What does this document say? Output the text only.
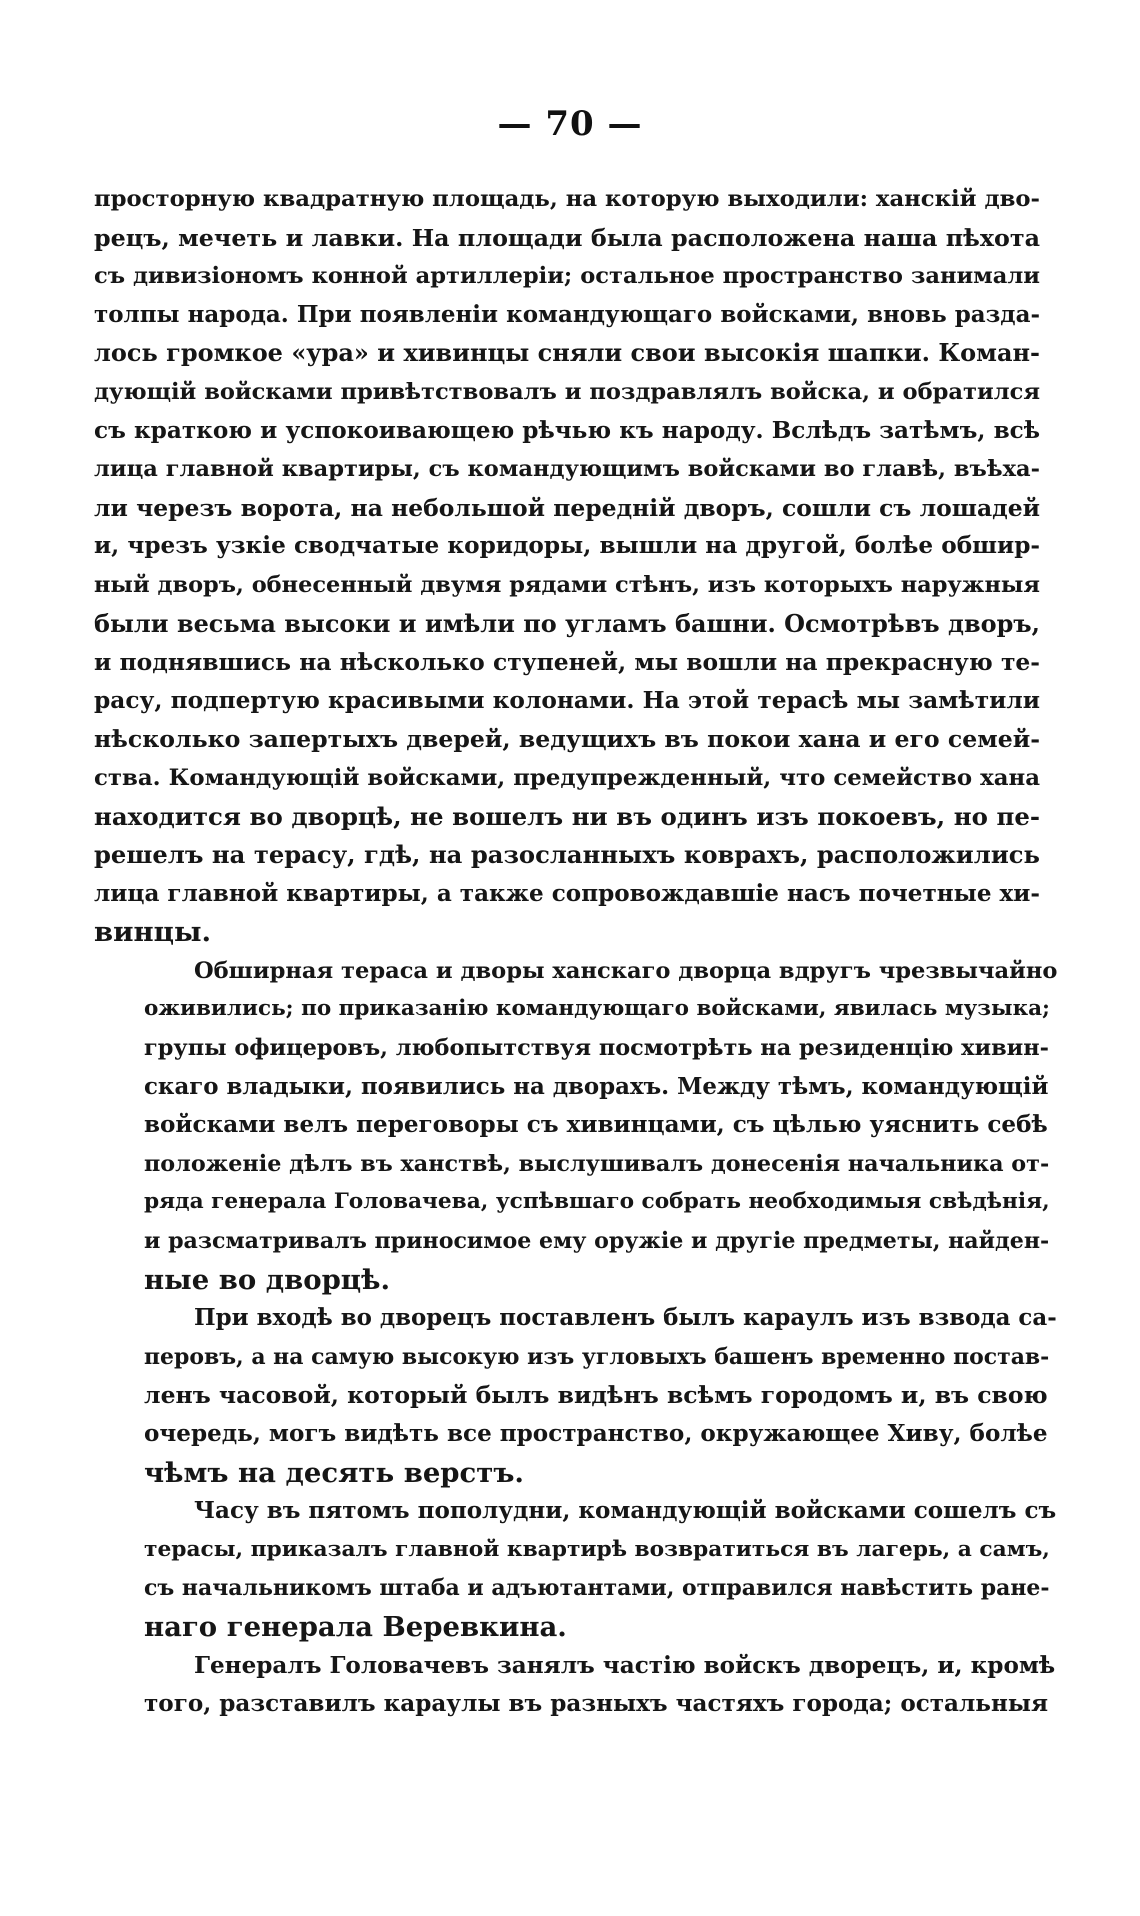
— 70 —
просторную квадратную площадь, на которую выходили: ханскій дво-
рецъ, мечеть и лавки. На площади была расположена наша пѣхота
съ дивизіономъ конной артиллеріи; остальное пространство занимали
толпы народа. При появленіи командующаго войсками, вновь разда-
лось громкое «ура» и хивинцы сняли свои высокія шапки. Коман-
дующій войсками привѣтствовалъ и поздравлялъ войска, и обратился
съ краткою и успокоивающею рѣчью къ народу. Вслѣдъ затѣмъ, всѣ
лица главной квартиры, съ командующимъ войсками во главѣ, въѣха-
ли черезъ ворота, на небольшой передній дворъ, сошли съ лошадей
и, чрезъ узкіе сводчатые коридоры, вышли на другой, болѣе обшир-
ный дворъ, обнесенный двумя рядами стѣнъ, изъ которыхъ наружныя
были весьма высоки и имѣли по угламъ башни. Осмотрѣвъ дворъ,
и поднявшись на нѣсколько ступеней, мы вошли на прекрасную те-
расу, подпертую красивыми колонами. На этой терасѣ мы замѣтили
нѣсколько запертыхъ дверей, ведущихъ въ покои хана и его семей-
ства. Командующій войсками, предупрежденный, что семейство хана
находится во дворцѣ, не вошелъ ни въ одинъ изъ покоевъ, но пе-
решелъ на терасу, гдѣ, на разосланныхъ коврахъ, расположились
лица главной квартиры, а также сопровождавшіе насъ почетные хи-
винцы.
Обширная тераса и дворы ханскаго дворца вдругъ чрезвычайно
оживились; по приказанію командующаго войсками, явилась музыка;
групы офицеровъ, любопытствуя посмотрѣть на резиденцію хивин-
скаго владыки, появились на дворахъ. Между тѣмъ, командующій
войсками велъ переговоры съ хивинцами, съ цѣлью уяснить себѣ
положеніе дѣлъ въ ханствѣ, выслушивалъ донесенія начальника от-
ряда генерала Головачева, успѣвшаго собрать необходимыя свѣдѣнія,
и разсматривалъ приносимое ему оружіе и другіе предметы, найден-
ные во дворцѣ.
При входѣ во дворецъ поставленъ былъ караулъ изъ взвода са-
перовъ, а на самую высокую изъ угловыхъ башенъ временно постав-
ленъ часовой, который былъ видѣнъ всѣмъ городомъ и, въ свою
очередь, могъ видѣть все пространство, окружающее Хиву, болѣе
чѣмъ на десять верстъ.
Часу въ пятомъ пополудни, командующій войсками сошелъ съ
терасы, приказалъ главной квартирѣ возвратиться въ лагерь, а самъ,
съ начальникомъ штаба и адъютантами, отправился навѣстить ране-
наго генерала Веревкина.
Генералъ Головачевъ занялъ частію войскъ дворецъ, и, кромѣ
того, разставилъ караулы въ разныхъ частяхъ города; остальныя
